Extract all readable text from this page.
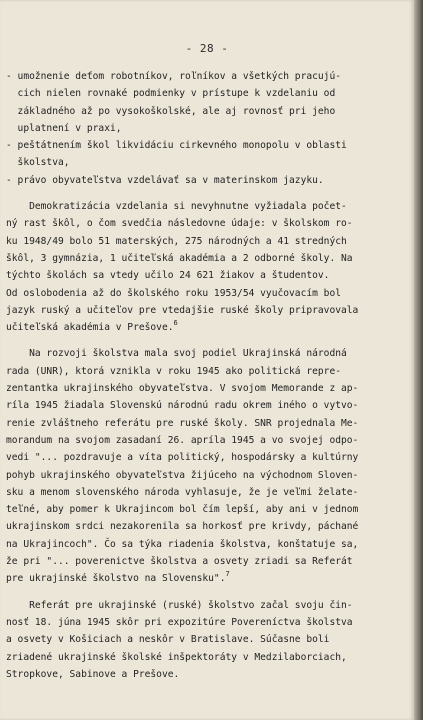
- 28 -
- umožnenie deťom robotníkov, roľníkov a všetkých pracujú-
cich nielen rovnaké podmienky v prístupe k vzdelaniu od
základného až po vysokoškolské, ale aj rovnosť pri jeho
uplatnení v praxi,
- peštátnením škol likvidáciu cirkevného monopolu v oblasti
školstva,
- právo obyvateľstva vzdelávať sa v materinskom jazyku.
Demokratizácia vzdelania si nevyhnutne vyžiadala počet-
ný rast škôl, o čom svedčia následovne údaje: v školskom ro-
ku 1948/49 bolo 51 materských, 275 národných a 41 stredných
škôl, 3 gymnázia, 1 učiteľská akadémia a 2 odborné školy. Na
týchto školách sa vtedy učilo 24 621 žiakov a študentov.
Od oslobodenia až do školského roku 1953/54 vyučovacím bol
jazyk ruský a učiteľov pre vtedajšie ruské školy pripravovala
učiteľská akadémia v Prešove.$^6$
Na rozvoji školstva mala svoj podiel Ukrajinská národná
rada (UNR), ktorá vznikla v roku 1945 ako politická repre-
zentantka ukrajinského obyvateľstva. V svojom Memorande z ap-
ríla 1945 žiadala Slovenskú národnú radu okrem iného o vytvo-
renie zvláštneho referátu pre ruské školy. SNR projednala Me-
morandum na svojom zasadaní 26. apríla 1945 a vo svojej odpo-
vedi "... pozdravuje a víta politický, hospodársky a kultúrny
pohyb ukrajinského obyvateľstva žijúceho na východnom Sloven-
sku a menom slovenského národa vyhlasuje, že je veľmi želate-
teľné, aby pomer k Ukrajincom bol čím lepší, aby ani v jednom
ukrajinskom srdci nezakorenila sa horkosť pre krivdy, páchané
na Ukrajincoch". Čo sa týka riadenia školstva, konštatuje sa,
že pri "... poverenictve školstva a osvety zriadi sa Referát
pre ukrajinské školstvo na Slovensku".$^7$
Referát pre ukrajinské (ruské) školstvo začal svoju čin-
nosť 18. júna 1945 skôr pri expozitúre Povereníctva školstva
a osvety v Košiciach a neskôr v Bratislave. Súčasne boli
zriadené ukrajinské školské inšpektoráty v Medzilaborciach,
Stropkove, Sabinove a Prešove.
